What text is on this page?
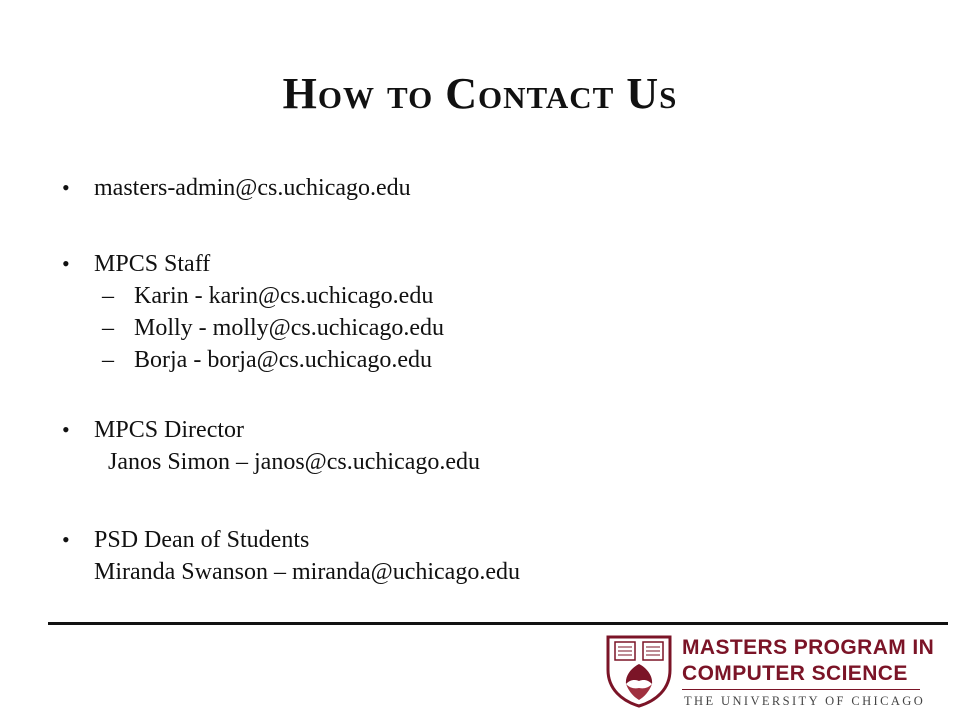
How to Contact Us
• masters-admin@cs.uchicago.edu
• MPCS Staff
– Karin - karin@cs.uchicago.edu
– Molly - molly@cs.uchicago.edu
– Borja - borja@cs.uchicago.edu
• MPCS Director
Janos Simon – janos@cs.uchicago.edu
• PSD Dean of Students
Miranda Swanson – miranda@uchicago.edu
MASTERS PROGRAM IN
COMPUTER SCIENCE
THE UNIVERSITY OF CHICAGO
